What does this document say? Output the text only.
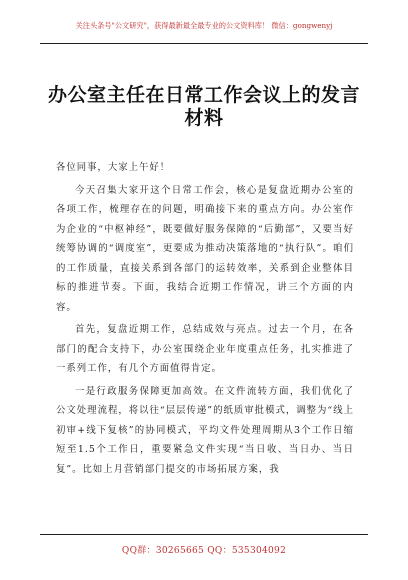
关注头条号"公文研究"，获得最新最全最专业的公文资料库！ 微信：gongwenyj
办公室主任在日常工作会议上的发言
材料

各位同事，大家上午好！

今天召集大家开这个日常工作会，核心是复盘近期办公室的各项工作，梳理存在的问题，明确接下来的重点方向。办公室作为企业的“中枢神经”，既要做好服务保障的“后勤部”，又要当好统筹协调的“调度室”，更要成为推动决策落地的“执行队”。咱们的工作质量，直接关系到各部门的运转效率，关系到企业整体目标的推进节奏。下面，我结合近期工作情况，讲三个方面的内容。

首先，复盘近期工作，总结成效与亮点。过去一个月，在各部门的配合支持下，办公室围绕企业年度重点任务，扎实推进了一系列工作，有几个方面值得肯定。

一是行政服务保障更加高效。在文件流转方面，我们优化了公文处理流程，将以往“层层传递”的纸质审批模式，调整为“线上初审+线下复核”的协同模式，平均文件处理周期从3个工作日缩短至1.5个工作日，重要紧急文件实现“当日收、当日办、当日复”。比如上月营销部门提交的市场拓展方案，我

QQ群：30265665 QQ：535304092
